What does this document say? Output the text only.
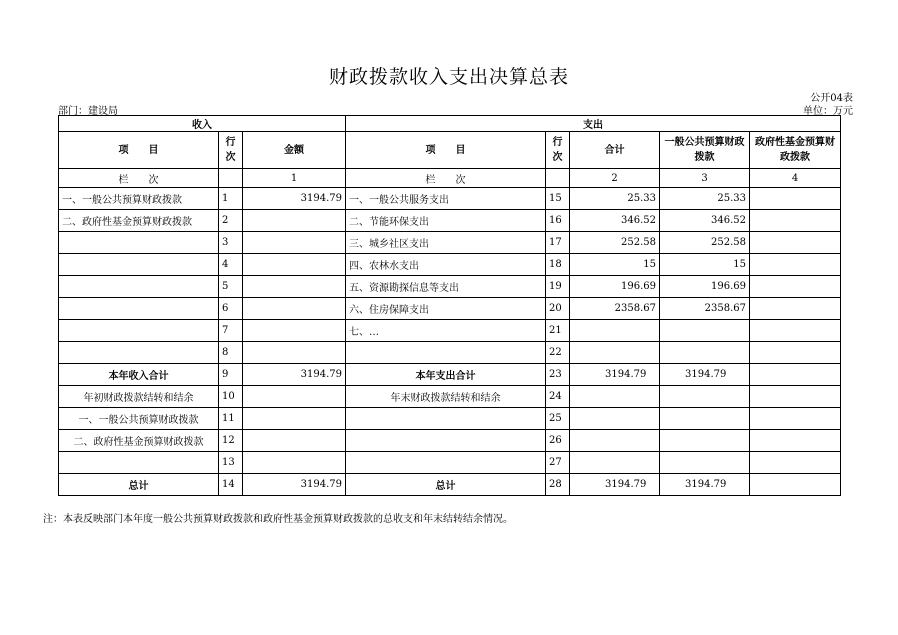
财政拨款收入支出决算总表
公开04表
部门：建设局	单位：万元
收入			支出				
项　　目	行次	金额	项　　目	行次	合计	一般公共预算财政拨款	政府性基金预算财政拨款
栏　　次		1	栏　　次		2	3	4
一、一般公共预算财政拨款	1	3194.79	一、一般公共服务支出	15	25.33	25.33	
二、政府性基金预算财政拨款	2		二、节能环保支出	16	346.52	346.52	
	3		三、城乡社区支出	17	252.58	252.58	
	4		四、农林水支出	18	15	15	
	5		五、资源勘探信息等支出	19	196.69	196.69	
	6		六、住房保障支出	20	2358.67	2358.67	
	7		七、…	21			
	8			22			
本年收入合计	9	3194.79	本年支出合计	23	3194.79	3194.79	
年初财政拨款结转和结余	10		年末财政拨款结转和结余	24			
一、一般公共预算财政拨款	11			25			
二、政府性基金预算财政拨款	12			26			
	13			27			
总计	14	3194.79	总计	28	3194.79	3194.79	
注：本表反映部门本年度一般公共预算财政拨款和政府性基金预算财政拨款的总收支和年末结转结余情况。
